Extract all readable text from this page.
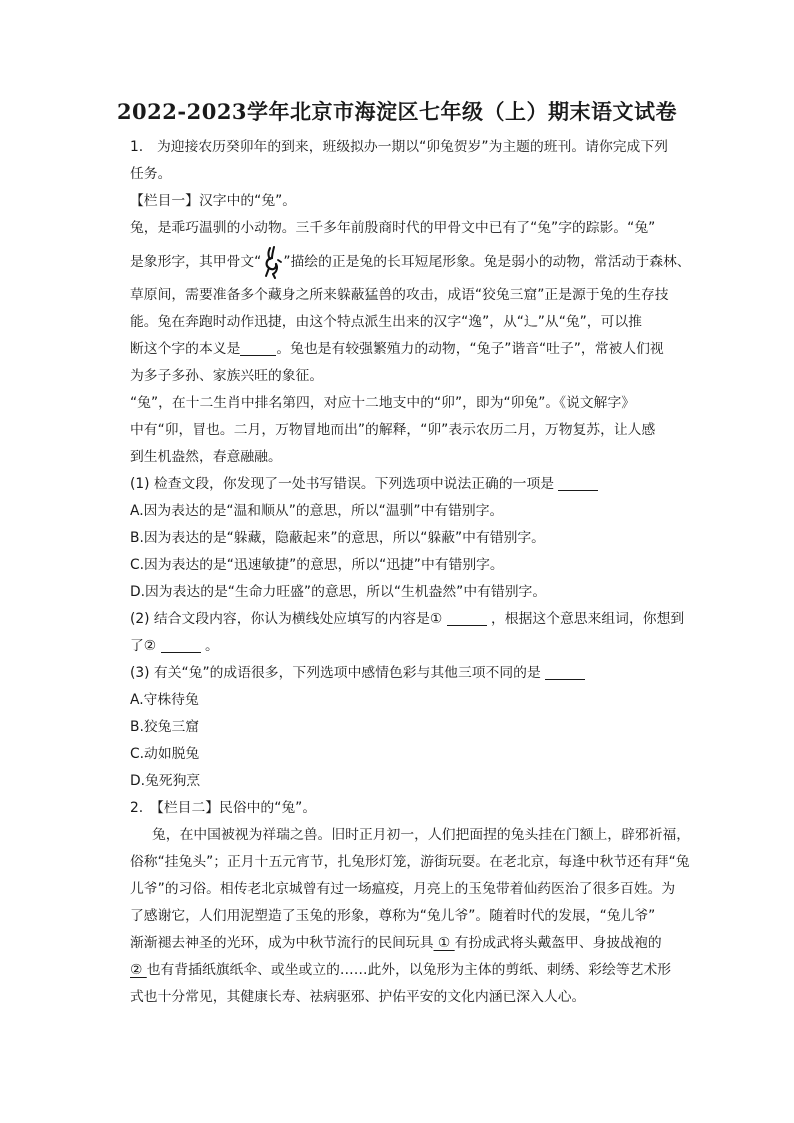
2022-2023学年北京市海淀区七年级（上）期末语文试卷
1.　为迎接农历癸卯年的到来，班级拟办一期以“卯兔贺岁”为主题的班刊。请你完成下列
任务。
【栏目一】汉字中的“兔”。
兔，是乖巧温驯的小动物。三千多年前殷商时代的甲骨文中已有了“兔”字的踪影。“兔”
是象形字，其甲骨文“ ”描绘的正是兔的长耳短尾形象。兔是弱小的动物，常活动于森林、
草原间，需要准备多个藏身之所来躲蔽猛兽的攻击，成语“狡兔三窟”正是源于兔的生存技
能。兔在奔跑时动作迅捷，由这个特点派生出来的汉字“逸”，从“辶”从“兔”，可以推
断这个字的本义是	。兔也是有较强繁殖力的动物，“兔子”谐音“吐子”，常被人们视
为多子多孙、家族兴旺的象征。
“兔”，在十二生肖中排名第四，对应十二地支中的“卯”，即为“卯兔”。《说文解字》
中有“卯，冒也。二月，万物冒地而出”的解释，“卯”表示农历二月，万物复苏，让人感
到生机盎然，春意融融。
(1) 检查文段，你发现了一处书写错误。下列选项中说法正确的一项是
A.因为表达的是“温和顺从”的意思，所以“温驯”中有错别字。
B.因为表达的是“躲藏，隐蔽起来”的意思，所以“躲蔽”中有错别字。
C.因为表达的是“迅速敏捷”的意思，所以“迅捷”中有错别字。
D.因为表达的是“生命力旺盛”的意思，所以“生机盎然”中有错别字。
(2) 结合文段内容，你认为横线处应填写的内容是①	，根据这个意思来组词，你想到
了②	。
(3) 有关“兔”的成语很多，下列选项中感情色彩与其他三项不同的是
A.守株待兔
B.狡兔三窟
C.动如脱兔
D.兔死狗烹
2.　【栏目二】民俗中的“兔”。
兔，在中国被视为祥瑞之兽。旧时正月初一，人们把面捏的兔头挂在门额上，辟邪祈福，
俗称“挂兔头”；正月十五元宵节，扎兔形灯笼，游街玩耍。在老北京，每逢中秋节还有拜“兔
儿爷”的习俗。相传老北京城曾有过一场瘟疫，月亮上的玉兔带着仙药医治了很多百姓。为
了感谢它，人们用泥塑造了玉兔的形象，尊称为“兔儿爷”。随着时代的发展，“兔儿爷”
渐渐褪去神圣的光环，成为中秋节流行的民间玩具 ① 有扮成武将头戴盔甲、身披战袍的
② 也有背插纸旗纸伞、或坐或立的……此外，以兔形为主体的剪纸、刺绣、彩绘等艺术形
式也十分常见，其健康长寿、祛病驱邪、护佑平安的文化内涵已深入人心。
